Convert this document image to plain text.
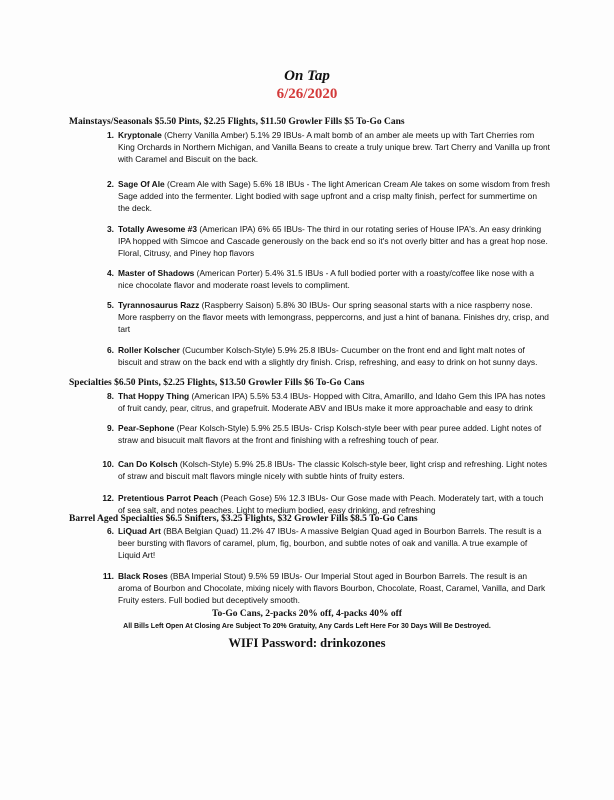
On Tap
6/26/2020
Mainstays/Seasonals $5.50 Pints, $2.25 Flights, $11.50 Growler Fills $5 To-Go Cans
1. Kryptonale (Cherry Vanilla Amber) 5.1% 29 IBUs- A malt bomb of an amber ale meets up with Tart Cherries rom King Orchards in Northern Michigan, and Vanilla Beans to create a truly unique brew. Tart Cherry and Vanilla up front with Caramel and Biscuit on the back.
2. Sage Of Ale (Cream Ale with Sage) 5.6% 18 IBUs - The light American Cream Ale takes on some wisdom from fresh Sage added into the fermenter. Light bodied with sage upfront and a crisp malty finish, perfect for summertime on the deck.
3. Totally Awesome #3 (American IPA) 6% 65 IBUs- The third in our rotating series of House IPA's. An easy drinking IPA hopped with Simcoe and Cascade generously on the back end so it's not overly bitter and has a great hop nose. Floral, Citrusy, and Piney hop flavors
4. Master of Shadows (American Porter) 5.4% 31.5 IBUs - A full bodied porter with a roasty/coffee like nose with a nice chocolate flavor and moderate roast levels to compliment.
5. Tyrannosaurus Razz (Raspberry Saison) 5.8% 30 IBUs- Our spring seasonal starts with a nice raspberry nose. More raspberry on the flavor meets with lemongrass, peppercorns, and just a hint of banana. Finishes dry, crisp, and tart
6. Roller Kolscher (Cucumber Kolsch-Style) 5.9% 25.8 IBUs- Cucumber on the front end and light malt notes of biscuit and straw on the back end with a slightly dry finish. Crisp, refreshing, and easy to drink on hot sunny days.
Specialties $6.50 Pints, $2.25 Flights, $13.50 Growler Fills $6 To-Go Cans
8. That Hoppy Thing (American IPA) 5.5% 53.4 IBUs- Hopped with Citra, Amarillo, and Idaho Gem this IPA has notes of fruit candy, pear, citrus, and grapefruit. Moderate ABV and IBUs make it more approachable and easy to drink
9. Pear-Sephone (Pear Kolsch-Style) 5.9% 25.5 IBUs- Crisp Kolsch-style beer with pear puree added. Light notes of straw and bisucuit malt flavors at the front and finishing with a refreshing touch of pear.
10. Can Do Kolsch (Kolsch-Style) 5.9% 25.8 IBUs- The classic Kolsch-style beer, light crisp and refreshing. Light notes of straw and biscuit malt flavors mingle nicely with subtle hints of fruity esters.
12. Pretentious Parrot Peach (Peach Gose) 5% 12.3 IBUs- Our Gose made with Peach. Moderately tart, with a touch of sea salt, and notes peaches. Light to medium bodied, easy drinking, and refreshing
Barrel Aged Specialties $6.5 Snifters, $3.25 Flights, $32 Growler Fills $8.5 To-Go Cans
6. LiQuad Art (BBA Belgian Quad) 11.2% 47 IBUs- A massive Belgian Quad aged in Bourbon Barrels. The result is a beer bursting with flavors of caramel, plum, fig, bourbon, and subtle notes of oak and vanilla. A true example of Liquid Art!
11. Black Roses (BBA Imperial Stout) 9.5% 59 IBUs- Our Imperial Stout aged in Bourbon Barrels. The result is an aroma of Bourbon and Chocolate, mixing nicely with flavors Bourbon, Chocolate, Roast, Caramel, Vanilla, and Dark Fruity esters. Full bodied but deceptively smooth.
To-Go Cans, 2-packs 20% off, 4-packs 40% off
All Bills Left Open At Closing Are Subject To 20% Gratuity, Any Cards Left Here For 30 Days Will Be Destroyed.
WIFI Password: drinkozones
